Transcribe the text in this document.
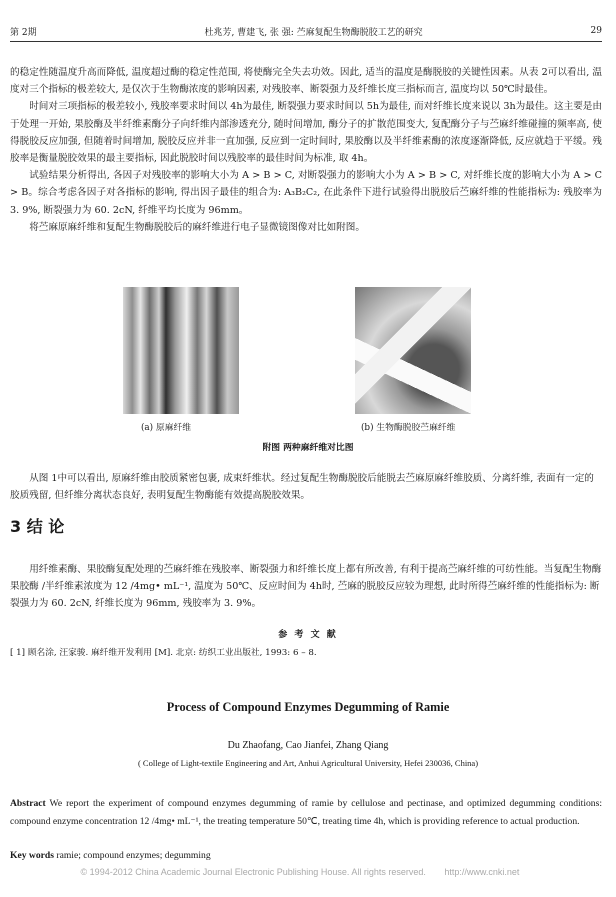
第 2期	杜兆芳, 曹建飞, 张 强: 苎麻复配生物酶脱胶工艺的研究	29

的稳定性随温度升高而降低, 温度超过酶的稳定性范围, 将使酶完全失去功效。因此, 适当的温度是酶脱胶的关键性因素。从表 2可以看出, 温度对三个指标的极差较大, 是仅次于生物酶浓度的影响因素, 对残胶率、断裂强力及纤维长度三指标而言, 温度均以 50℃时最佳。

时间对三项指标的极差较小, 残胶率要求时间以 4h为最佳, 断裂强力要求时间以 5h为最佳, 而对纤维长度来说以 3h为最佳。这主要是由于处理一开始, 果胶酶及半纤维素酶分子向纤维内部渗透充分, 随时间增加, 酶分子的扩散范围变大, 复配酶分子与苎麻纤维碰撞的频率高, 使得脱胶反应加强, 但随着时间增加, 脱胶反应并非一直加强, 反应到一定时间时, 果胶酶以及半纤维素酶的浓度逐渐降低, 反应就趋于平缓。残胶率是衡量脱胶效果的最主要指标, 因此脱胶时间以残胶率的最佳时间为标准, 取 4h。

试验结果分析得出, 各因子对残胶率的影响大小为 A > B > C, 对断裂强力的影响大小为 A > B > C, 对纤维长度的影响大小为 A > C > B。综合考虑各因子对各指标的影响, 得出因子最佳的组合为: A₃B₂C₂, 在此条件下进行试验得出脱胶后苎麻纤维的性能指标为: 残胶率为 3. 9%, 断裂强力为 60. 2cN, 纤维平均长度为 96mm。

将苎麻原麻纤维和复配生物酶脱胶后的麻纤维进行电子显微镜图像对比如附图。

(a) 原麻纤维	(b) 生物酶脱胶苎麻纤维
附图 两种麻纤维对比图

从图 1中可以看出, 原麻纤维由胶质紧密包裹, 成束纤维状。经过复配生物酶脱胶后能脱去苎麻原麻纤维胶质、分离纤维, 表面有一定的胶质残留, 但纤维分离状态良好, 表明复配生物酶能有效提高脱胶效果。

3 结 论

用纤维素酶、果胶酶复配处理的苎麻纤维在残胶率、断裂强力和纤维长度上都有所改善, 有利于提高苎麻纤维的可纺性能。当复配生物酶果胶酶 /半纤维素浓度为 12 /4mg• mL⁻¹, 温度为 50℃、反应时间为 4h时, 苎麻的脱胶反应较为理想, 此时所得苎麻纤维的性能指标为: 断裂强力为 60. 2cN, 纤维长度为 96mm, 残胶率为 3. 9%。

参 考 文 献
[ 1] 顾名涂, 汪家骏. 麻纤维开发利用 [M]. 北京: 纺织工业出版社, 1993: 6 – 8.
Process of Compound Enzymes Degumming of Ramie
Du Zhaofang, Cao Jianfei, Zhang Qiang
( College of Light-textile Engineering and Art, Anhui Agricultural University, Hefei 230036, China)
Abstract We report the experiment of compound enzymes degumming of ramie by cellulose and pectinase, and optimized degumming conditions: compound enzyme concentration 12 /4mg• mL⁻¹, the treating temperature 50℃, treating time 4h, which is providing reference to actual production.
Key words ramie; compound enzymes; degumming
© 1994-2012 China Academic Journal Electronic Publishing House. All rights reserved. http://www.cnki.net
